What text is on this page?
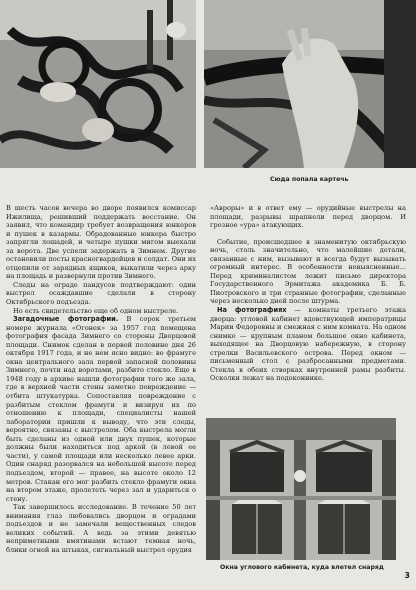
Сюда попала картечь

В шесть часов вечера во дворе появился комиссар Ижилища, решивший поддержать восстание. Он заявил, что командир требует возвращения юнкеров и пушек в казармы. Обрадованные юнкера быстро запрягли лошадей, и четыре пушки мигом выехали за ворота. Две успели задержать в Зимнем. Другие остановили посты красногвардейцев и солдат. Они их отцепили от зарядных ящиков, выкатили через арку на площадь и развернули против Зимнего.

Следы на ограде пандусов подтверждают: один выстрел осаждавшие сделали в сторону Октябрьского подъезда.

Но есть свидетельство еще об одном выстреле.

Загадочные фотографии. В сорок третьем номере журнала «Огонек» за 1957 год помещена фотография фасада Зимнего со стороны Дворцовой площади. Снимок сделан в первой половине дня 26 октября 1917 года, и не нем ясно видно: во фрамуге окна центрального зала первой запасной половины Зимнего, почти над воротами, разбито стекло. Еще в 1948 году в архиве нашли фотографии того же зала, где в верхней части стены заметно повреждение — отбита штукатурка. Сопоставляя повреждение с разбитым стеклом фрамуги и визируя их по отношению к площади, специалисты нашей лаборатории пришли к выводу, что эти следы, вероятно, связаны с выстрелом. Оба выстрела могли быть сделаны из одной или двух пушек, которые должны были находиться под аркой (в левой ее части), у самой площади или несколько левее арки. Один снаряд разорвался на небольшой высоте перед подъездом, второй — правее, на высоте около 12 метров. Стакан его мог разбить стекло фрамуги окна на втором этаже, пролететь через зал и удариться о стену.

Так завершилось исследование. В течение 50 лет внимания глаз любовались дворцом и оградами подъездов и не замечали вещественных следов великих событий. А ведь за этими девятью неприметными вмятинами встают темная ночь, блики огней на штыках, сигнальный выстрел орудия

«Авроры» и в ответ ему — орудийные выстрелы на площади, разрывы шрапнели перед дворцом. И грозное «ура» атакующих.

Событие, происшедшее в знаменитую октябрьскую ночь, столь значительно, что малейшие детали, связанные с ним, вызывают и всегда будут вызывать огромный интерес. В особенности невыясненные... Перед криминалистом лежит письмо директора Государственного Эрмитажа академика Б. Б. Пиотровского и три странные фотографии, сделанные через несколько дней после штурма.

На фотографиях — комнаты третьего этажа дворца: угловой кабинет вдовствующей императрицы Марии Федоровны и смежная с ним комната. На одном снимке — крупным планом большое окно кабинета, выходящее на Дворцовую набережную, в сторону стрелки Васильевского острова. Перед окном — письменный стол с разбросанными предметами. Стекла в обеих створках внутренней рамы разбиты. Осколки лежат на подоконнике.

Окна углового кабинета, куда влетел снаряд
3
